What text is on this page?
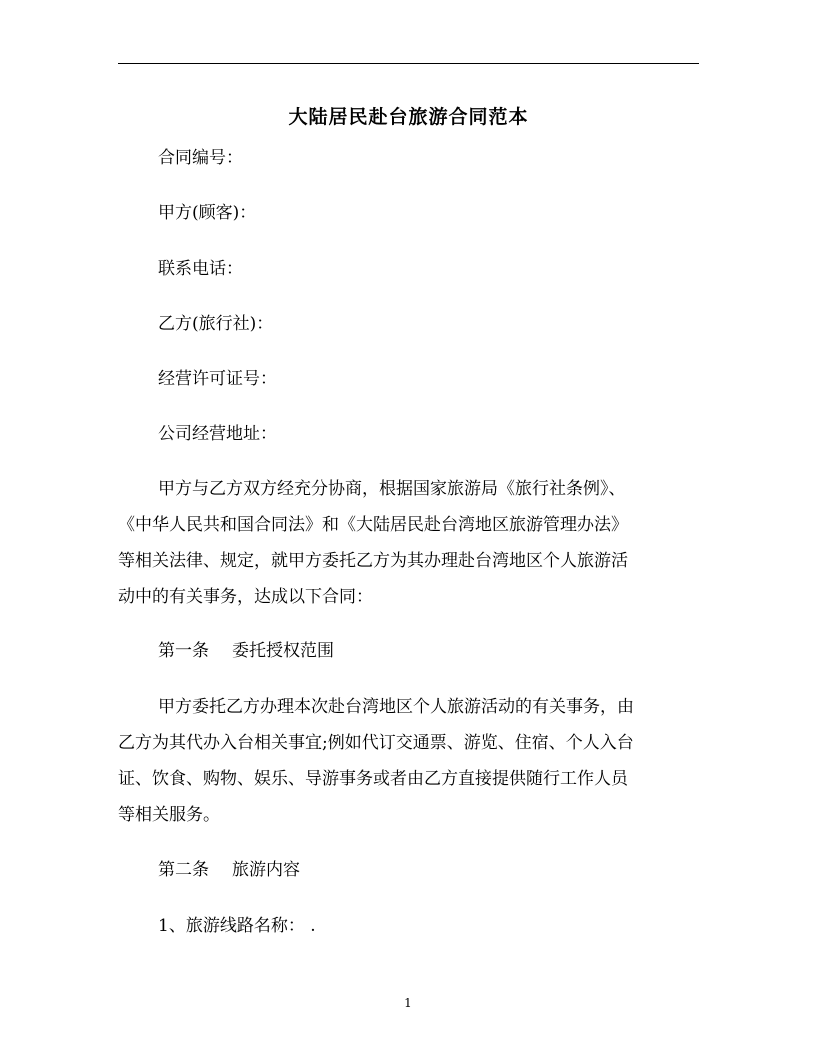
大陆居民赴台旅游合同范本
合同编号：
甲方(顾客)：
联系电话：
乙方(旅行社)：
经营许可证号：
公司经营地址：
甲方与乙方双方经充分协商，根据国家旅游局《旅行社条例》、
《中华人民共和国合同法》和《大陆居民赴台湾地区旅游管理办法》
等相关法律、规定，就甲方委托乙方为其办理赴台湾地区个人旅游活
动中的有关事务，达成以下合同：
第一条 委托授权范围
甲方委托乙方办理本次赴台湾地区个人旅游活动的有关事务，由
乙方为其代办入台相关事宜;例如代订交通票、游览、住宿、个人入台
证、饮食、购物、娱乐、导游事务或者由乙方直接提供随行工作人员
等相关服务。
第二条 旅游内容
1、旅游线路名称： .
1
